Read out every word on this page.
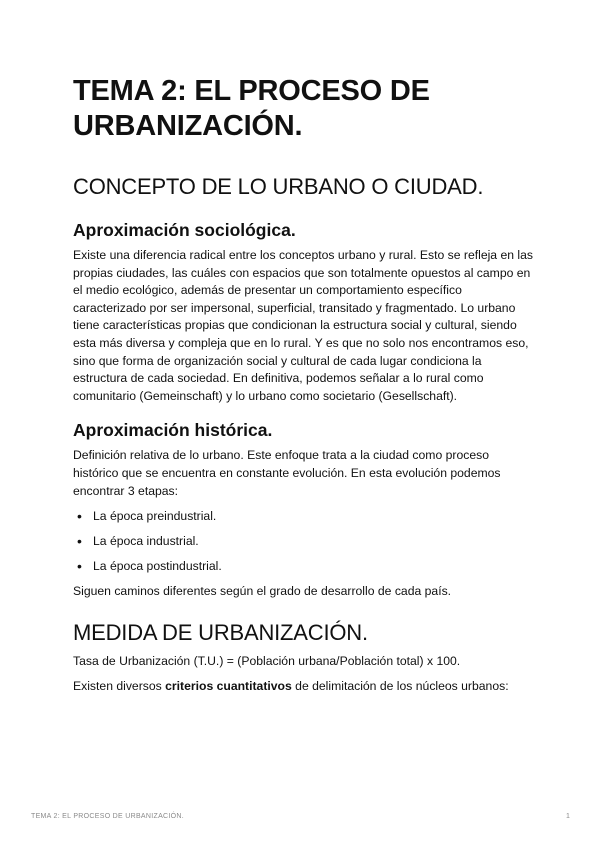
TEMA 2: EL PROCESO DE URBANIZACIÓN.
CONCEPTO DE LO URBANO O CIUDAD.
Aproximación sociológica.

Existe una diferencia radical entre los conceptos urbano y rural. Esto se refleja en las propias ciudades, las cuáles con espacios que son totalmente opuestos al campo en el medio ecológico, además de presentar un comportamiento específico caracterizado por ser impersonal, superficial, transitado y fragmentado. Lo urbano tiene características propias que condicionan la estructura social y cultural, siendo esta más diversa y compleja que en lo rural. Y es que no solo nos encontramos eso, sino que forma de organización social y cultural de cada lugar condiciona la estructura de cada sociedad. En definitiva, podemos señalar a lo rural como comunitario (Gemeinschaft) y lo urbano como societario (Gesellschaft).

Aproximación histórica.

Definición relativa de lo urbano. Este enfoque trata a la ciudad como proceso histórico que se encuentra en constante evolución. En esta evolución podemos encontrar 3 etapas:

• La época preindustrial.
• La época industrial.
• La época postindustrial.

Siguen caminos diferentes según el grado de desarrollo de cada país.

MEDIDA DE URBANIZACIÓN.

Tasa de Urbanización (T.U.) = (Población urbana/Población total) x 100.

Existen diversos criterios cuantitativos de delimitación de los núcleos urbanos:

TEMA 2: EL PROCESO DE URBANIZACIÓN.	1
